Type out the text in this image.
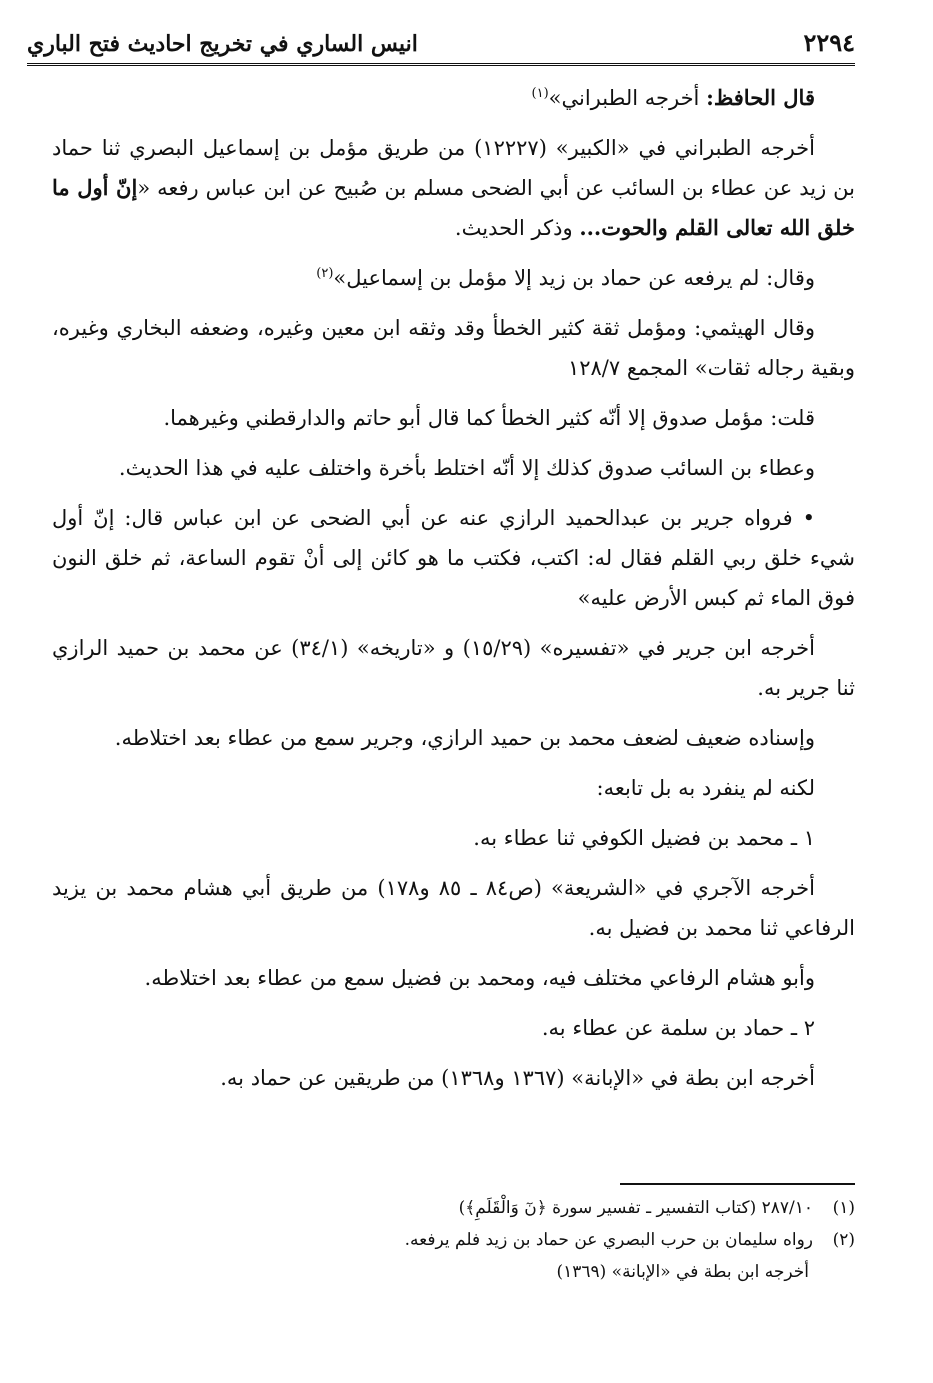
انيس الساري في تخريج احاديث فتح الباري	٢٢٩٤

قال الحافظ: أخرجه الطبراني»$^{(١)}$

أخرجه الطبراني في «الكبير» (١٢٢٢٧) من طريق مؤمل بن إسماعيل البصري ثنا حماد بن زيد عن عطاء بن السائب عن أبي الضحى مسلم بن صُبيح عن ابن عباس رفعه «إنّ أول ما خلق الله تعالى القلم والحوت... وذكر الحديث.

وقال: لم يرفعه عن حماد بن زيد إلا مؤمل بن إسماعيل»$^{(٢)}$

وقال الهيثمي: ومؤمل ثقة كثير الخطأ وقد وثقه ابن معين وغيره، وضعفه البخاري وغيره، وبقية رجاله ثقات» المجمع ١٢٨/٧

قلت: مؤمل صدوق إلا أنّه كثير الخطأ كما قال أبو حاتم والدارقطني وغيرهما.

وعطاء بن السائب صدوق كذلك إلا أنّه اختلط بأخرة واختلف عليه في هذا الحديث.

• فرواه جرير بن عبدالحميد الرازي عنه عن أبي الضحى عن ابن عباس قال: إنّ أول شيء خلق ربي القلم فقال له: اكتب، فكتب ما هو كائن إلى أنْ تقوم الساعة، ثم خلق النون فوق الماء ثم كبس الأرض عليه»

أخرجه ابن جرير في «تفسيره» (١٥/٢٩) و «تاريخه» (٣٤/١) عن محمد بن حميد الرازي ثنا جرير به.

وإسناده ضعيف لضعف محمد بن حميد الرازي، وجرير سمع من عطاء بعد اختلاطه.

لكنه لم ينفرد به بل تابعه:

١ ـ محمد بن فضيل الكوفي ثنا عطاء به.

أخرجه الآجري في «الشريعة» (ص٨٤ ـ ٨٥ و١٧٨) من طريق أبي هشام محمد بن يزيد الرفاعي ثنا محمد بن فضيل به.

وأبو هشام الرفاعي مختلف فيه، ومحمد بن فضيل سمع من عطاء بعد اختلاطه.

٢ ـ حماد بن سلمة عن عطاء به.

أخرجه ابن بطة في «الإبانة» (١٣٦٧ و١٣٦٨) من طريقين عن حماد به.

(١)٢٨٧/١٠ (كتاب التفسير ـ تفسير سورة ﴿نٓ وَالْقَلَمِ﴾)

(٢)رواه سليمان بن حرب البصري عن حماد بن زيد فلم يرفعه.

أخرجه ابن بطة في «الإبانة» (١٣٦٩)
